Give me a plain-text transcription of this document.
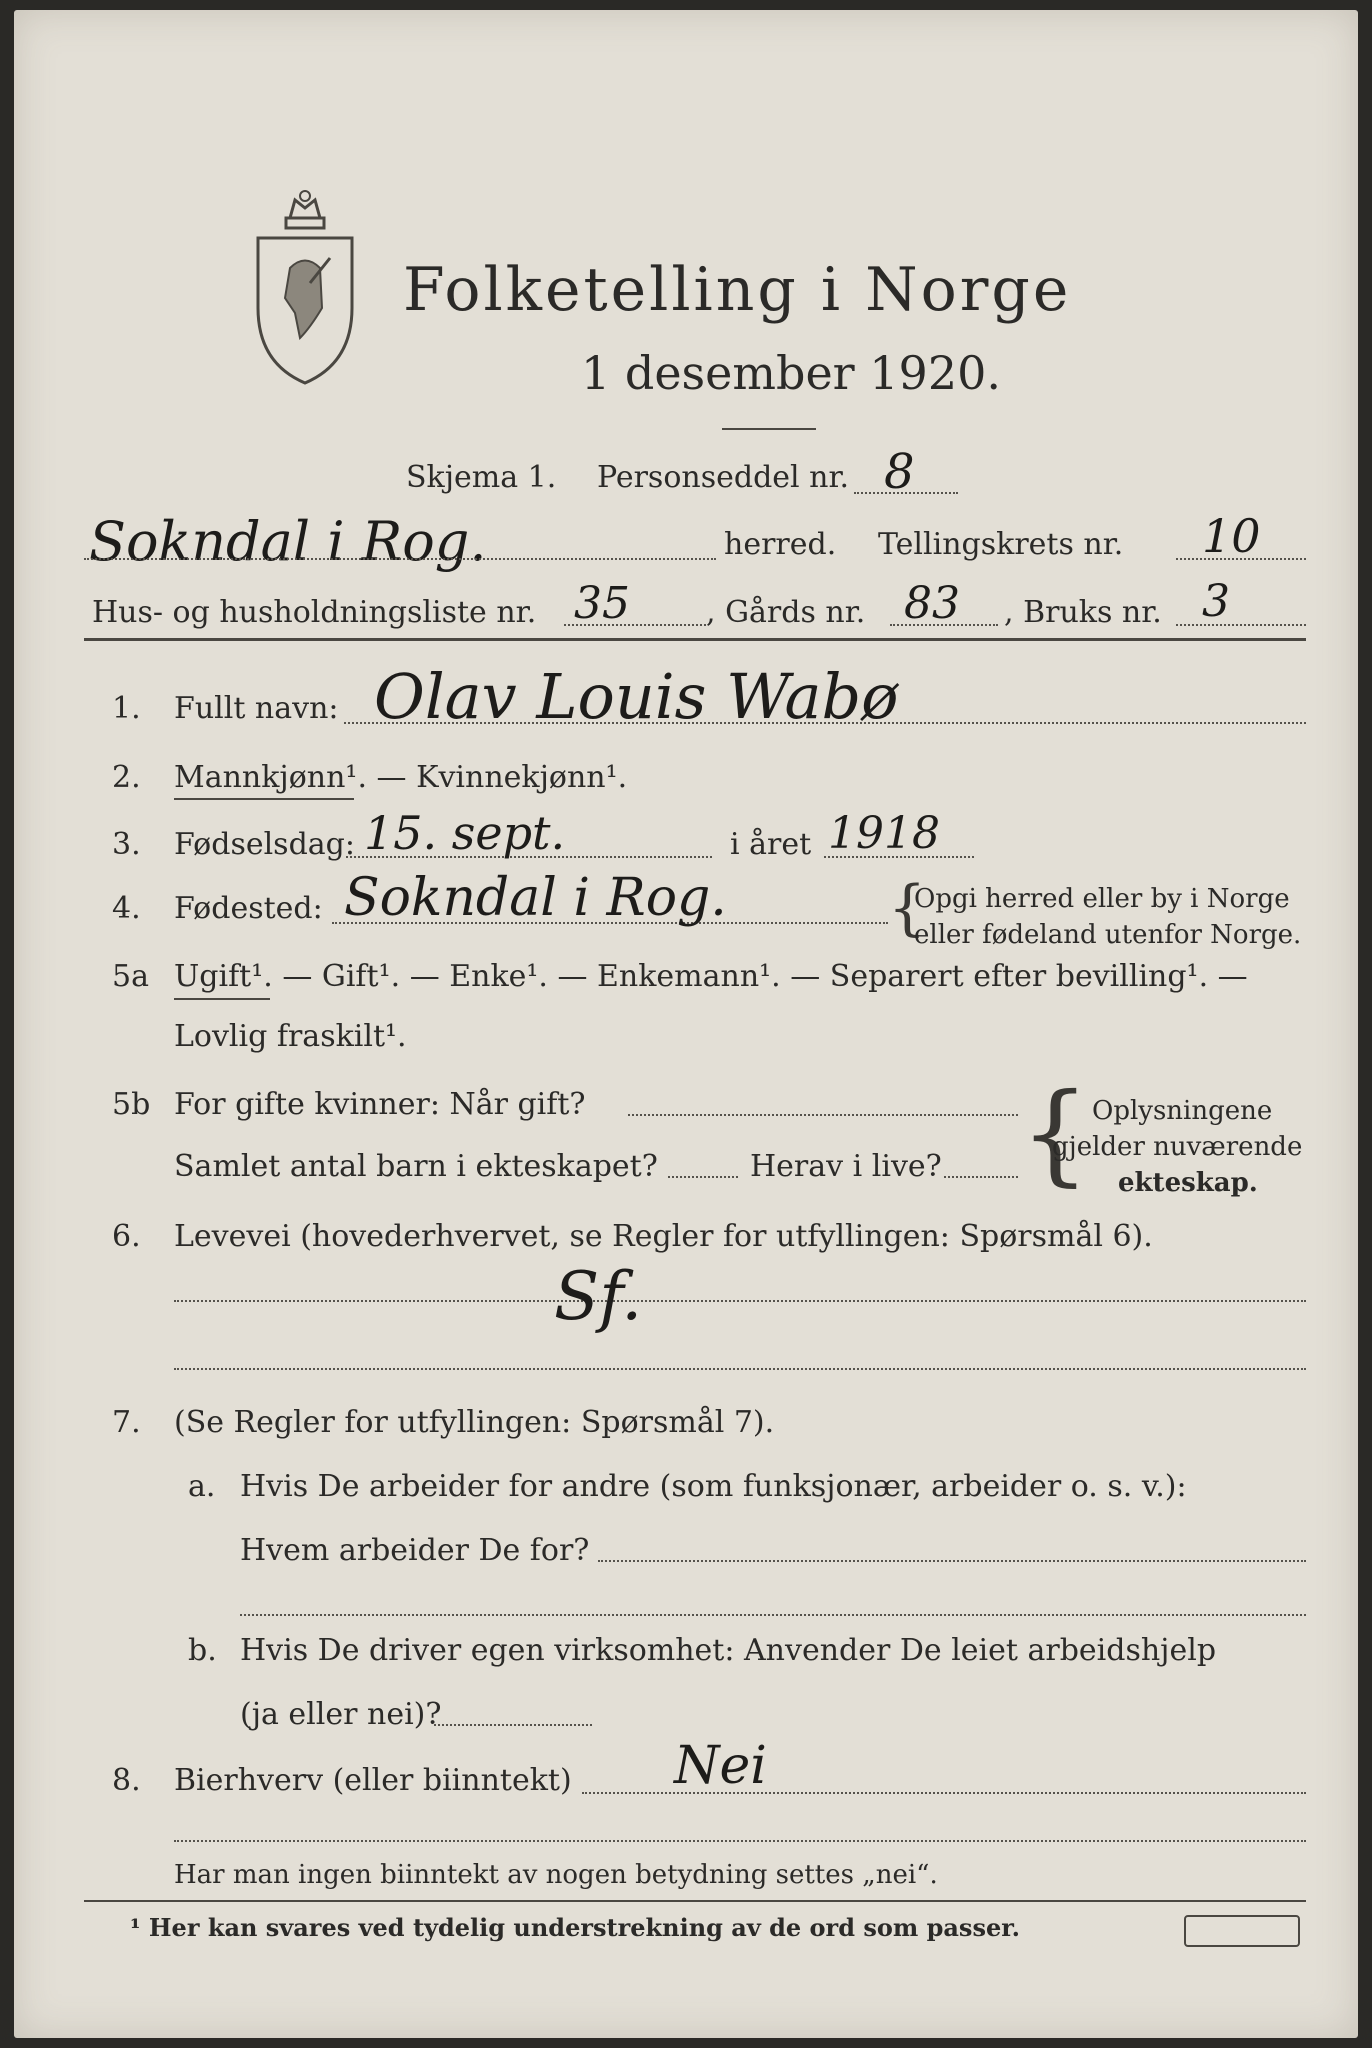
Folketelling i Norge
1 desember 1920.
Skjema 1. Personseddel nr. 8
Sokndal i Rog.	herred. Tellingskrets nr. 10
Hus- og husholdningsliste nr. 35	, Gårds nr. 83 , Bruks nr. 3
1. Fullt navn: Olav Louis Wabø
2. Mannkjønn¹. — Kvinnekjønn¹.
3. Fødselsdag: 15. sept.	i året 1918
4. Fødested: Sokndal i Rog.	{
Opgi herred eller by i Norge
eller fødeland utenfor Norge.
5a Ugift¹. — Gift¹. — Enke¹. — Enkemann¹. — Separert efter bevilling¹. —
Lovlig fraskilt¹.
5b For gifte kvinner: Når gift?
Samlet antal barn i ekteskapet?	Herav i live? { Oplysningene
gjelder nuværende
ekteskap.
6. Levevei (hovederhvervet, se Regler for utfyllingen: Spørsmål 6).
Sf.
7. (Se Regler for utfyllingen: Spørsmål 7).
a. Hvis De arbeider for andre (som funksjonær, arbeider o. s. v.):
Hvem arbeider De for?
b. Hvis De driver egen virksomhet: Anvender De leiet arbeidshjelp
(ja eller nei)?
8. Bierhverv (eller biinntekt) Nei
Har man ingen biinntekt av nogen betydning settes „nei“.
¹ Her kan svares ved tydelig understrekning av de ord som passer.
